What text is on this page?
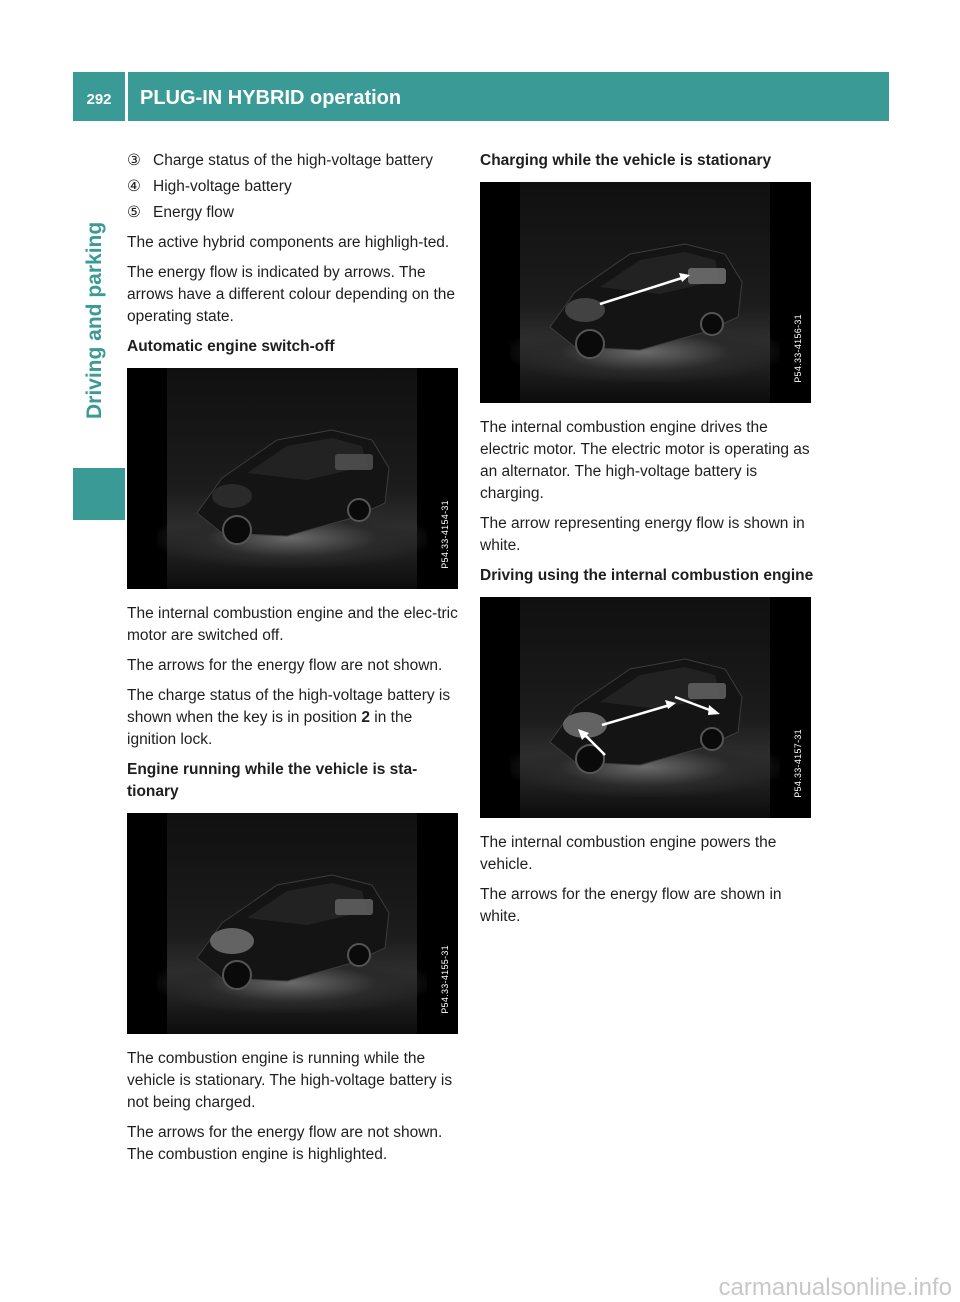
292	PLUG-IN HYBRID operation
Driving and parking
③ Charge status of the high-voltage battery
④ High-voltage battery
⑤ Energy flow

The active hybrid components are highligh-ted.

The energy flow is indicated by arrows. The arrows have a different colour depending on the operating state.

Automatic engine switch-off
P54.33-4154-31

The internal combustion engine and the elec-tric motor are switched off.

The arrows for the energy flow are not shown.

The charge status of the high-voltage battery is shown when the key is in position 2 in the ignition lock.

Engine running while the vehicle is sta-tionary
P54.33-4155-31

The combustion engine is running while the vehicle is stationary. The high-voltage battery is not being charged.

The arrows for the energy flow are not shown. The combustion engine is highlighted.

Charging while the vehicle is stationary
P54.33-4156-31

The internal combustion engine drives the electric motor. The electric motor is operating as an alternator. The high-voltage battery is charging.

The arrow representing energy flow is shown in white.

Driving using the internal combustion engine
P54.33-4157-31

The internal combustion engine powers the vehicle.

The arrows for the energy flow are shown in white.

carmanualsonline.info
